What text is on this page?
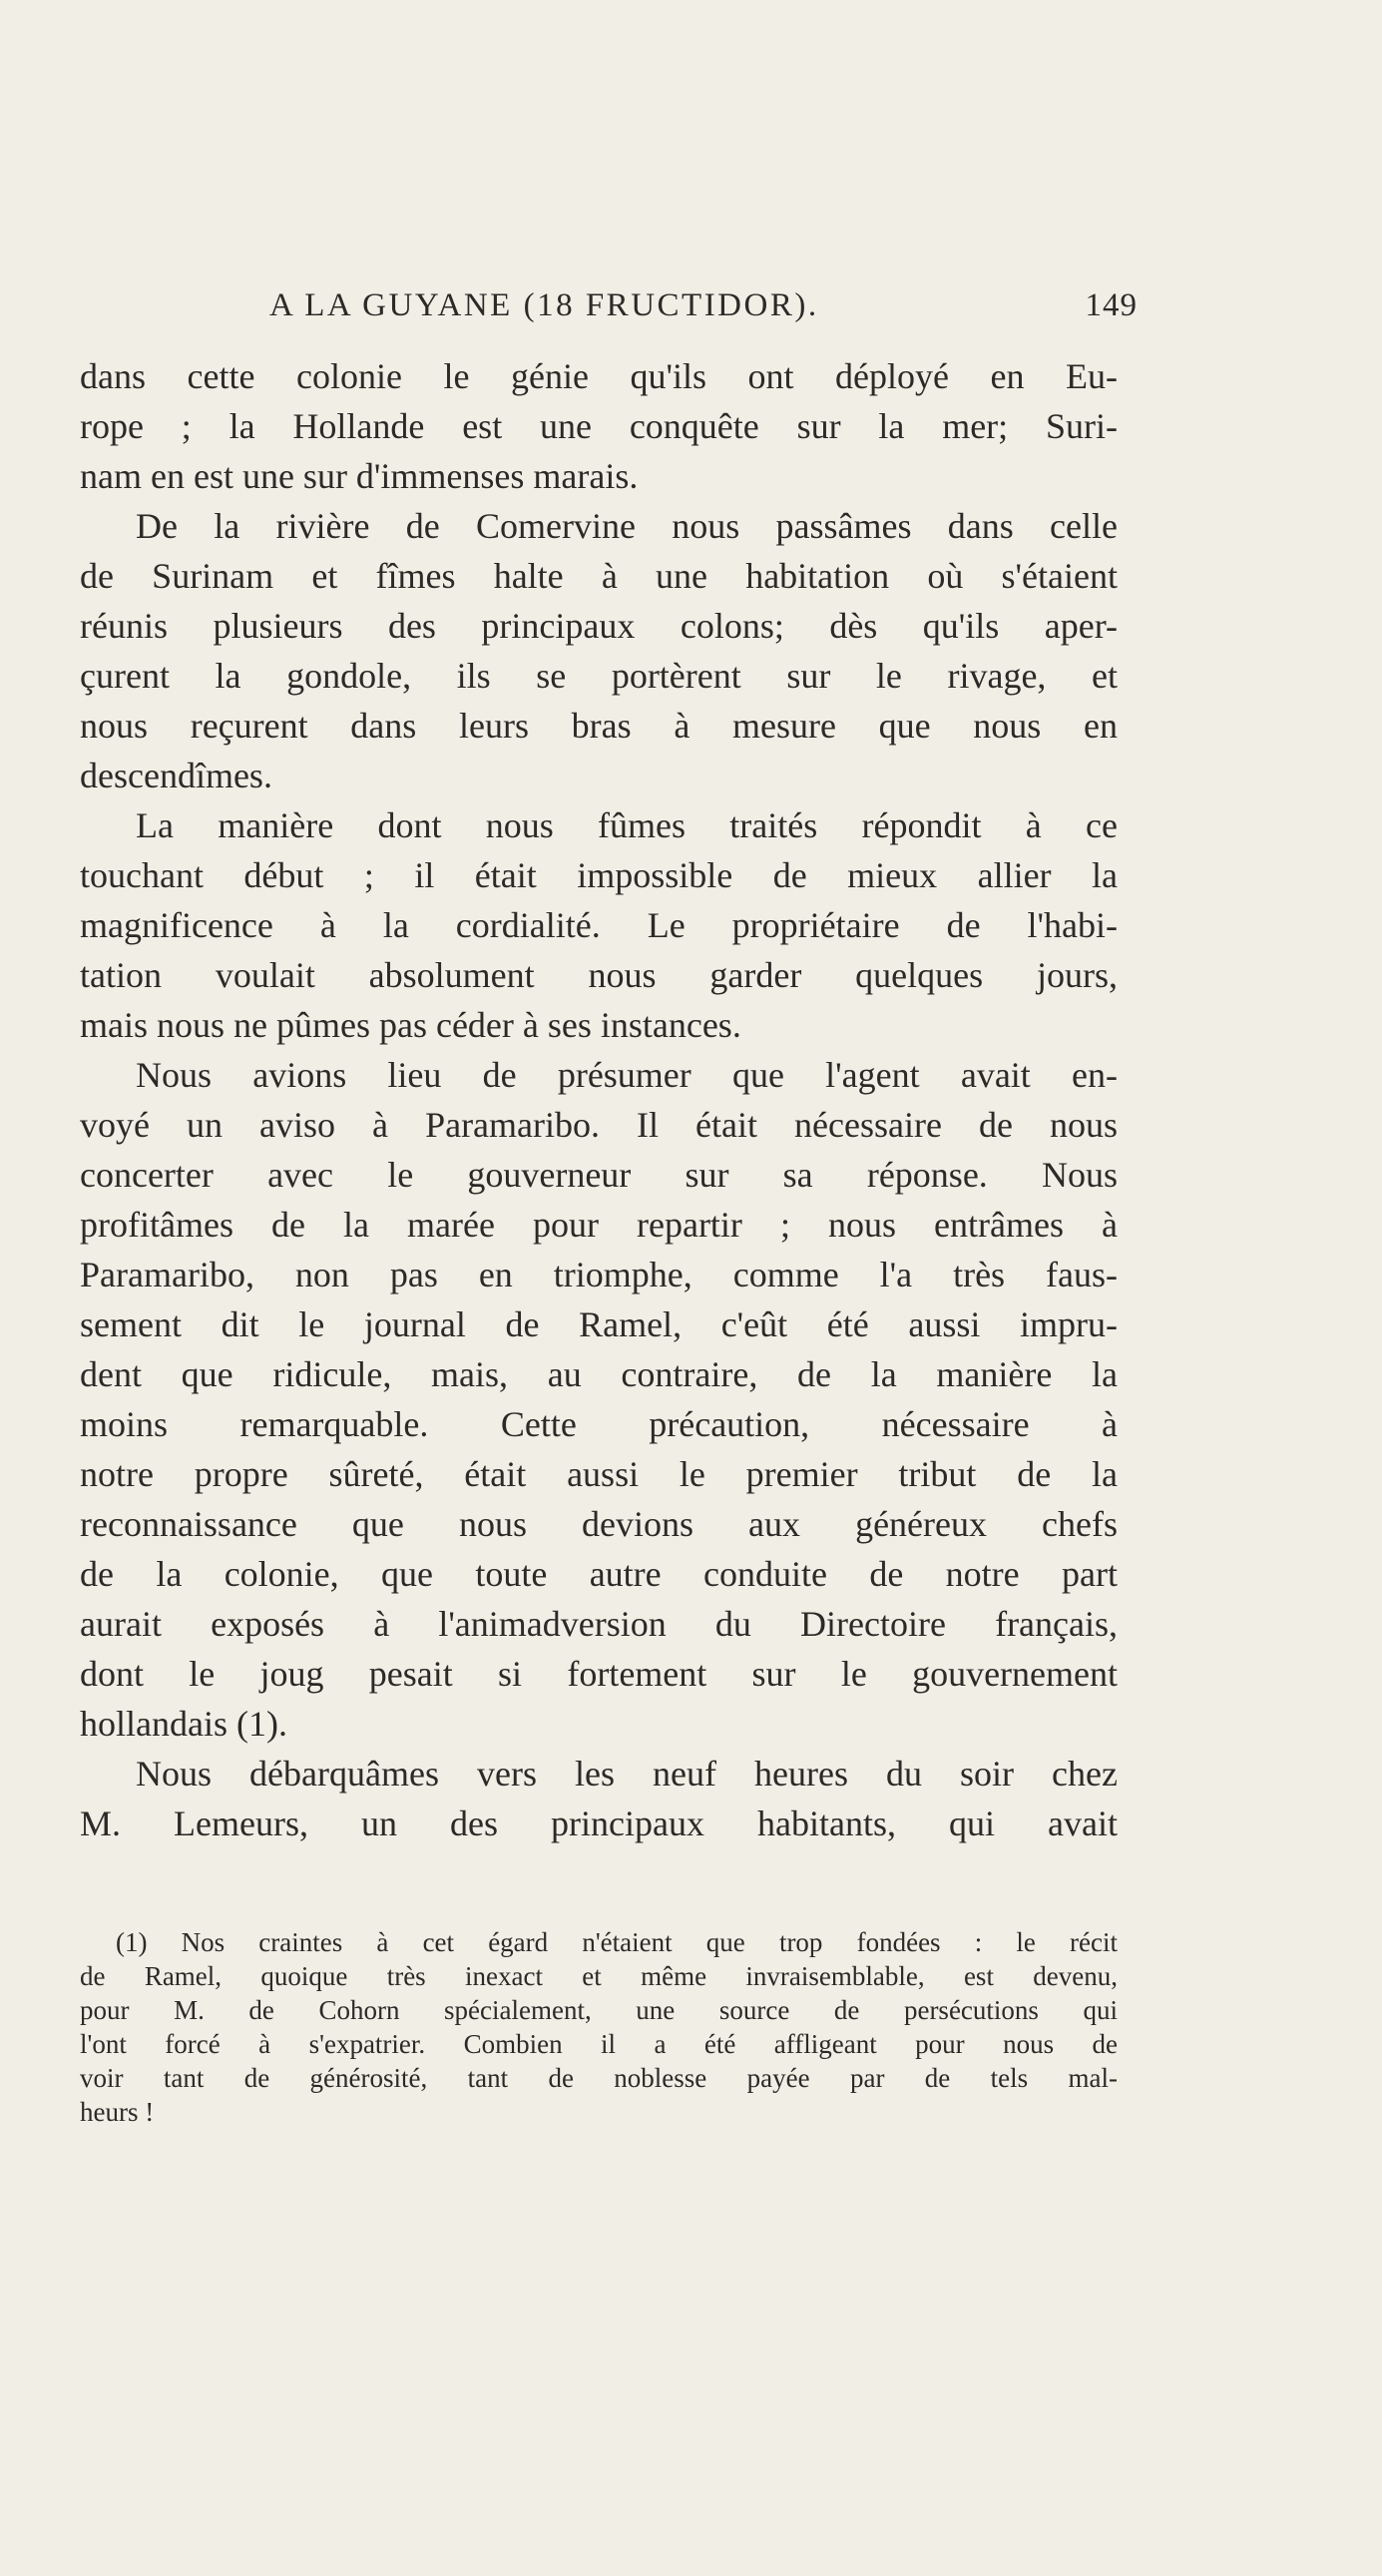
A LA GUYANE (18 FRUCTIDOR).	149
dans cette colonie le génie qu'ils ont déployé en Eu-
rope ; la Hollande est une conquête sur la mer; Suri-
nam en est une sur d'immenses marais.
De la rivière de Comervine nous passâmes dans celle
de Surinam et fîmes halte à une habitation où s'étaient
réunis plusieurs des principaux colons; dès qu'ils aper-
çurent la gondole, ils se portèrent sur le rivage, et
nous reçurent dans leurs bras à mesure que nous en
descendîmes.
La manière dont nous fûmes traités répondit à ce
touchant début ; il était impossible de mieux allier la
magnificence à la cordialité. Le propriétaire de l'habi-
tation voulait absolument nous garder quelques jours,
mais nous ne pûmes pas céder à ses instances.
Nous avions lieu de présumer que l'agent avait en-
voyé un aviso à Paramaribo. Il était nécessaire de nous
concerter avec le gouverneur sur sa réponse. Nous
profitâmes de la marée pour repartir ; nous entrâmes à
Paramaribo, non pas en triomphe, comme l'a très faus-
sement dit le journal de Ramel, c'eût été aussi impru-
dent que ridicule, mais, au contraire, de la manière la
moins remarquable. Cette précaution, nécessaire à
notre propre sûreté, était aussi le premier tribut de la
reconnaissance que nous devions aux généreux chefs
de la colonie, que toute autre conduite de notre part
aurait exposés à l'animadversion du Directoire français,
dont le joug pesait si fortement sur le gouvernement
hollandais (1).
Nous débarquâmes vers les neuf heures du soir chez
M. Lemeurs, un des principaux habitants, qui avait
(1) Nos craintes à cet égard n'étaient que trop fondées : le récit
de Ramel, quoique très inexact et même invraisemblable, est devenu,
pour M. de Cohorn spécialement, une source de persécutions qui
l'ont forcé à s'expatrier. Combien il a été affligeant pour nous de
voir tant de générosité, tant de noblesse payée par de tels mal-
heurs !
